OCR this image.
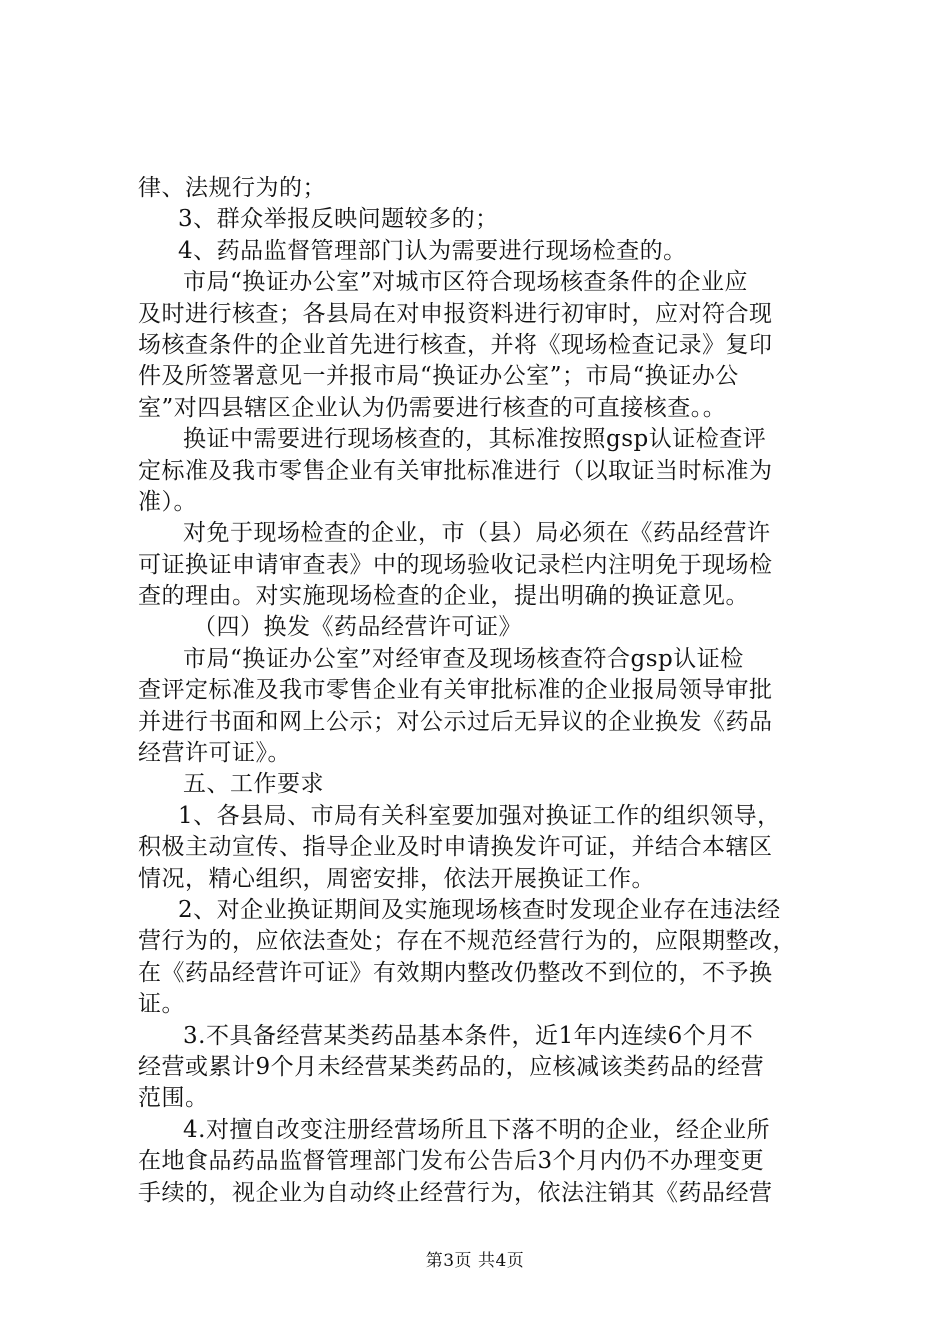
律、法规行为的；
3、群众举报反映问题较多的；
4、药品监督管理部门认为需要进行现场检查的。
市局“换证办公室”对城市区符合现场核查条件的企业应
及时进行核查；各县局在对申报资料进行初审时，应对符合现
场核查条件的企业首先进行核查，并将《现场检查记录》复印
件及所签署意见一并报市局“换证办公室”；市局“换证办公
室”对四县辖区企业认为仍需要进行核查的可直接核查。。
换证中需要进行现场核查的，其标准按照gsp认证检查评
定标准及我市零售企业有关审批标准进行（以取证当时标准为
准）。
对免于现场检查的企业，市（县）局必须在《药品经营许
可证换证申请审查表》中的现场验收记录栏内注明免于现场检
查的理由。对实施现场检查的企业，提出明确的换证意见。
（四）换发《药品经营许可证》
市局“换证办公室”对经审查及现场核查符合gsp认证检
查评定标准及我市零售企业有关审批标准的企业报局领导审批
并进行书面和网上公示；对公示过后无异议的企业换发《药品
经营许可证》。
五、工作要求
1、各县局、市局有关科室要加强对换证工作的组织领导，
积极主动宣传、指导企业及时申请换发许可证，并结合本辖区
情况，精心组织，周密安排，依法开展换证工作。
2、对企业换证期间及实施现场核查时发现企业存在违法经
营行为的，应依法查处；存在不规范经营行为的，应限期整改，
在《药品经营许可证》有效期内整改仍整改不到位的，不予换
证。
3.不具备经营某类药品基本条件，近1年内连续6个月不
经营或累计9个月未经营某类药品的，应核减该类药品的经营
范围。
4.对擅自改变注册经营场所且下落不明的企业，经企业所
在地食品药品监督管理部门发布公告后3个月内仍不办理变更
手续的，视企业为自动终止经营行为，依法注销其《药品经营
第3页 共4页
